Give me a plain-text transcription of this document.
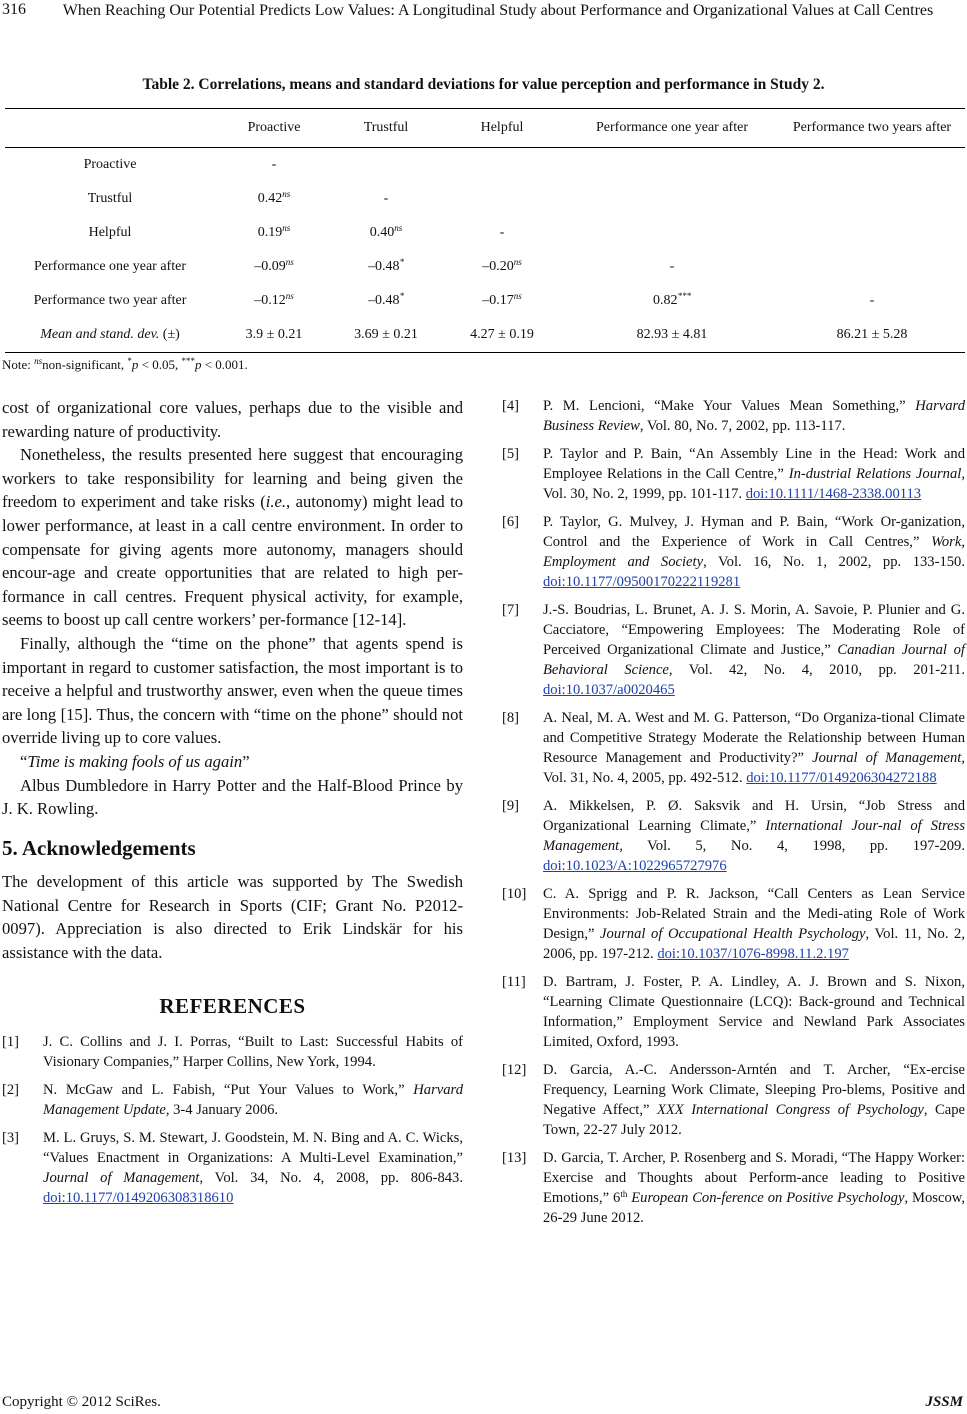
316 When Reaching Our Potential Predicts Low Values: A Longitudinal Study about Performance and Organizational Values at Call Centres
Table 2. Correlations, means and standard deviations for value perception and performance in Study 2.
	Proactive	Trustful	Helpful	Performance one year after	Performance two years after
Proactive	-				
Trustful	$0.42^{ns}$	-			
Helpful	$0.19^{ns}$	$0.40^{ns}$	-		
Performance one year after	$-0.09^{ns}$	–0.48*	$-0.20^{ns}$	-	
Performance two year after	$-0.12^{ns}$	–0.48*	$-0.17^{ns}$	0.82***	-
Mean and stand. dev. (±)	3.9 ± 0.21	3.69 ± 0.21	4.27 ± 0.19	82.93 ± 4.81	86.21 ± 5.28
Note: $^{ns}$non-significant, *p < 0.05, ***p < 0.001.

cost of organizational core values, perhaps due to the visible and rewarding nature of productivity.

Nonetheless, the results presented here suggest that encouraging workers to take responsibility for learning and being given the freedom to experiment and take risks (i.e., autonomy) might lead to lower performance, at least in a call centre environment. In order to compensate for giving agents more autonomy, managers should encour-age and create opportunities that are related to high per-formance in call centres. Frequent physical activity, for example, seems to boost up call centre workers’ per-formance [12-14].

Finally, although the “time on the phone” that agents spend is important in regard to customer satisfaction, the most important is to receive a helpful and trustworthy answer, even when the queue times are long [15]. Thus, the concern with “time on the phone” should not override living up to core values.

“Time is making fools of us again”

Albus Dumbledore in Harry Potter and the Half-Blood Prince by J. K. Rowling.

5. Acknowledgements

The development of this article was supported by The Swedish National Centre for Research in Sports (CIF; Grant No. P2012-0097). Appreciation is also directed to Erik Lindskär for his assistance with the data.

REFERENCES
[1]	J. C. Collins and J. I. Porras, “Built to Last: Successful Habits of Visionary Companies,” Harper Collins, New York, 1994.
[2]	N. McGaw and L. Fabish, “Put Your Values to Work,” Harvard Management Update, 3-4 January 2006.
[3]	M. L. Gruys, S. M. Stewart, J. Goodstein, M. N. Bing and A. C. Wicks, “Values Enactment in Organizations: A Multi-Level Examination,” Journal of Management, Vol. 34, No. 4, 2008, pp. 806-843. doi:10.1177/0149206308318610
[4]	P. M. Lencioni, “Make Your Values Mean Something,” Harvard Business Review, Vol. 80, No. 7, 2002, pp. 113-117.
[5]	P. Taylor and P. Bain, “An Assembly Line in the Head: Work and Employee Relations in the Call Centre,” In-dustrial Relations Journal, Vol. 30, No. 2, 1999, pp. 101-117. doi:10.1111/1468-2338.00113
[6]	P. Taylor, G. Mulvey, J. Hyman and P. Bain, “Work Or-ganization, Control and the Experience of Work in Call Centres,” Work, Employment and Society, Vol. 16, No. 1, 2002, pp. 133-150. doi:10.1177/09500170222119281
[7]	J.-S. Boudrias, L. Brunet, A. J. S. Morin, A. Savoie, P. Plunier and G. Cacciatore, “Empowering Employees: The Moderating Role of Perceived Organizational Climate and Justice,” Canadian Journal of Behavioral Science, Vol. 42, No. 4, 2010, pp. 201-211. doi:10.1037/a0020465
[8]	A. Neal, M. A. West and M. G. Patterson, “Do Organiza-tional Climate and Competitive Strategy Moderate the Relationship between Human Resource Management and Productivity?” Journal of Management, Vol. 31, No. 4, 2005, pp. 492-512. doi:10.1177/0149206304272188
[9]	A. Mikkelsen, P. Ø. Saksvik and H. Ursin, “Job Stress and Organizational Learning Climate,” International Jour-nal of Stress Management, Vol. 5, No. 4, 1998, pp. 197-209. doi:10.1023/A:1022965727976
[10]	C. A. Sprigg and P. R. Jackson, “Call Centers as Lean Service Environments: Job-Related Strain and the Medi-ating Role of Work Design,” Journal of Occupational Health Psychology, Vol. 11, No. 2, 2006, pp. 197-212. doi:10.1037/1076-8998.11.2.197
[11]	D. Bartram, J. Foster, P. A. Lindley, A. J. Brown and S. Nixon, “Learning Climate Questionnaire (LCQ): Back-ground and Technical Information,” Employment Service and Newland Park Associates Limited, Oxford, 1993.
[12]	D. Garcia, A.-C. Andersson-Arntén and T. Archer, “Ex-ercise Frequency, Learning Work Climate, Sleeping Pro-blems, Positive and Negative Affect,” XXX International Congress of Psychology, Cape Town, 22-27 July 2012.
[13]	D. Garcia, T. Archer, P. Rosenberg and S. Moradi, “The Happy Worker: Exercise and Thoughts about Perform-ance leading to Positive Emotions,” 6th European Con-ference on Positive Psychology, Moscow, 26-29 June 2012.
Copyright © 2012 SciRes.	JSSM
